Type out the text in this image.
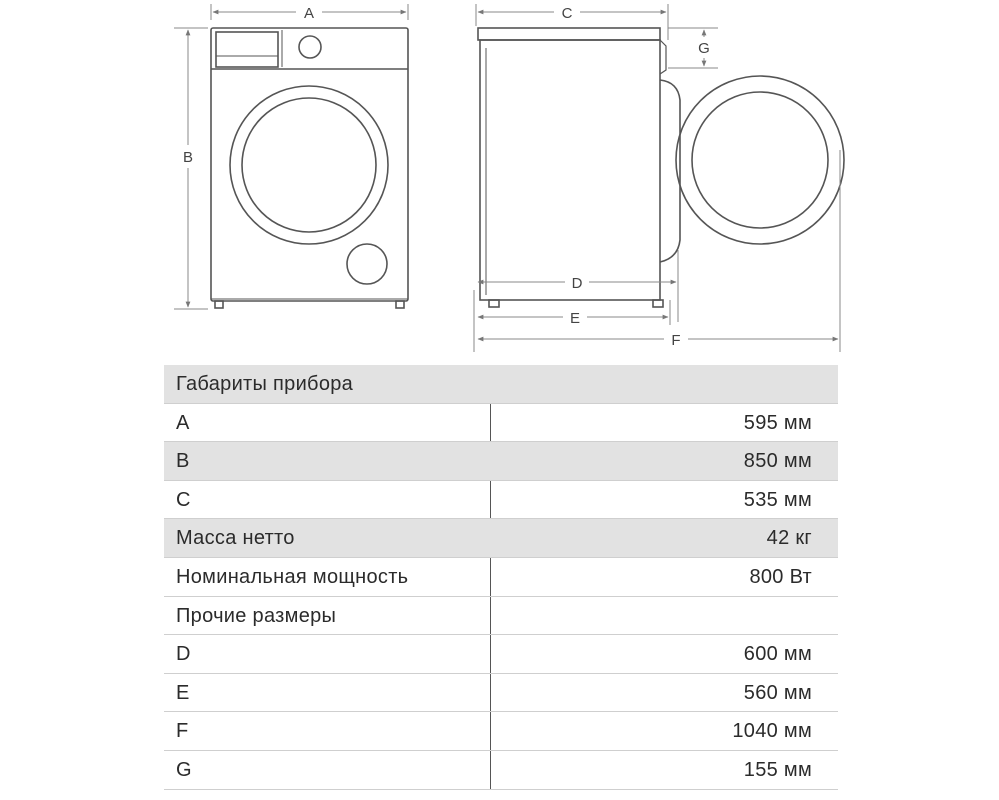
A
B
C
G
D
E
F
Габариты прибора
A	595 мм
B	850 мм
C	535 мм
Масса нетто	42 кг
Номинальная мощность	800 Вт
Прочие размеры
D	600 мм
E	560 мм
F	1040 мм
G	155 мм
